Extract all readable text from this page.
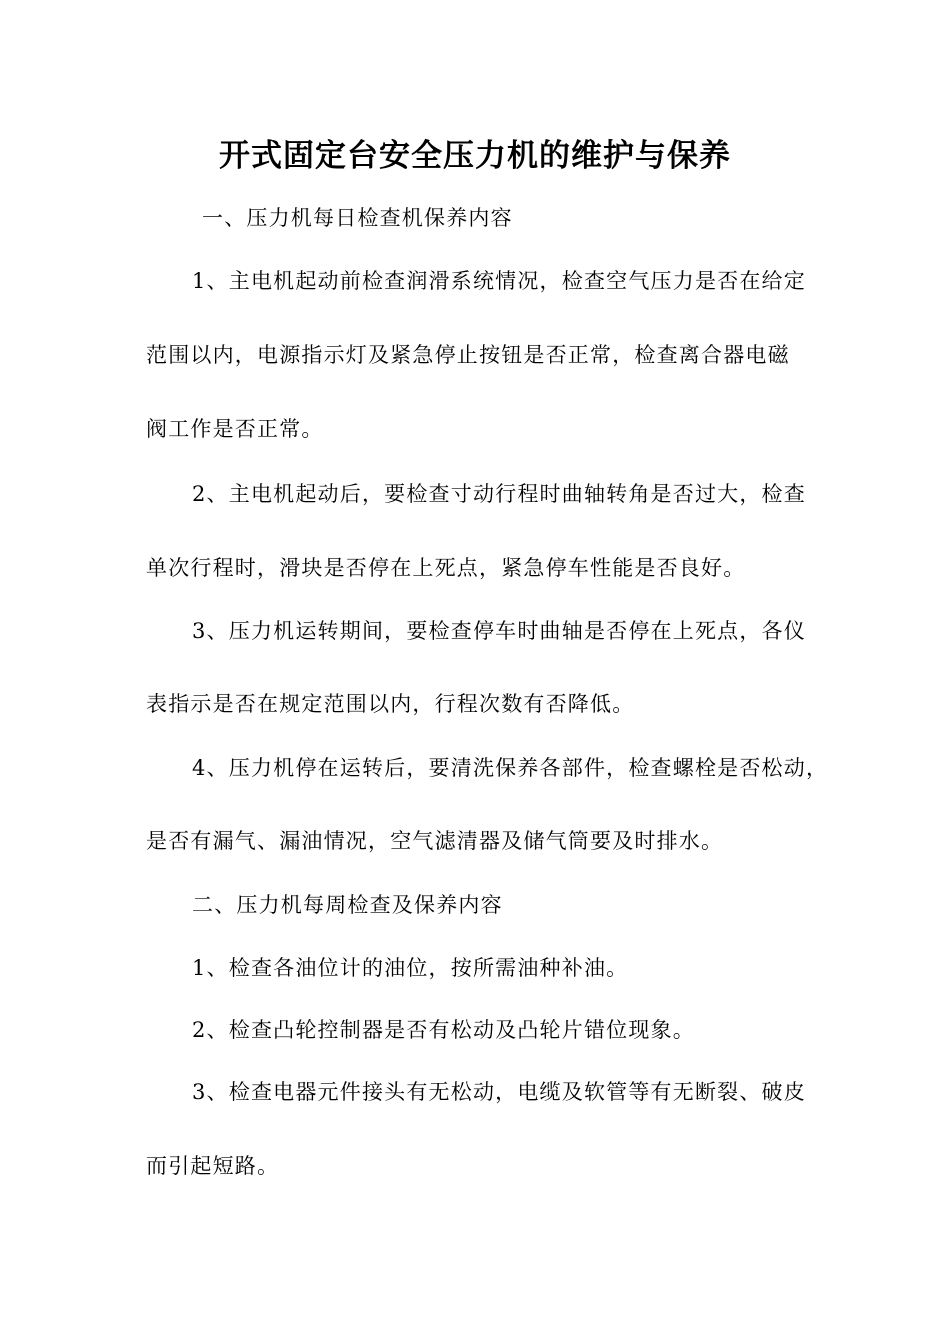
开式固定台安全压力机的维护与保养
一、压力机每日检查机保养内容
1、主电机起动前检查润滑系统情况，检查空气压力是否在给定
范围以内，电源指示灯及紧急停止按钮是否正常，检查离合器电磁
阀工作是否正常。
2、主电机起动后，要检查寸动行程时曲轴转角是否过大，检查
单次行程时，滑块是否停在上死点，紧急停车性能是否良好。
3、压力机运转期间，要检查停车时曲轴是否停在上死点，各仪
表指示是否在规定范围以内，行程次数有否降低。
4、压力机停在运转后，要清洗保养各部件，检查螺栓是否松动，
是否有漏气、漏油情况，空气滤清器及储气筒要及时排水。
二、压力机每周检查及保养内容
1、检查各油位计的油位，按所需油种补油。
2、检查凸轮控制器是否有松动及凸轮片错位现象。
3、检查电器元件接头有无松动，电缆及软管等有无断裂、破皮
而引起短路。
